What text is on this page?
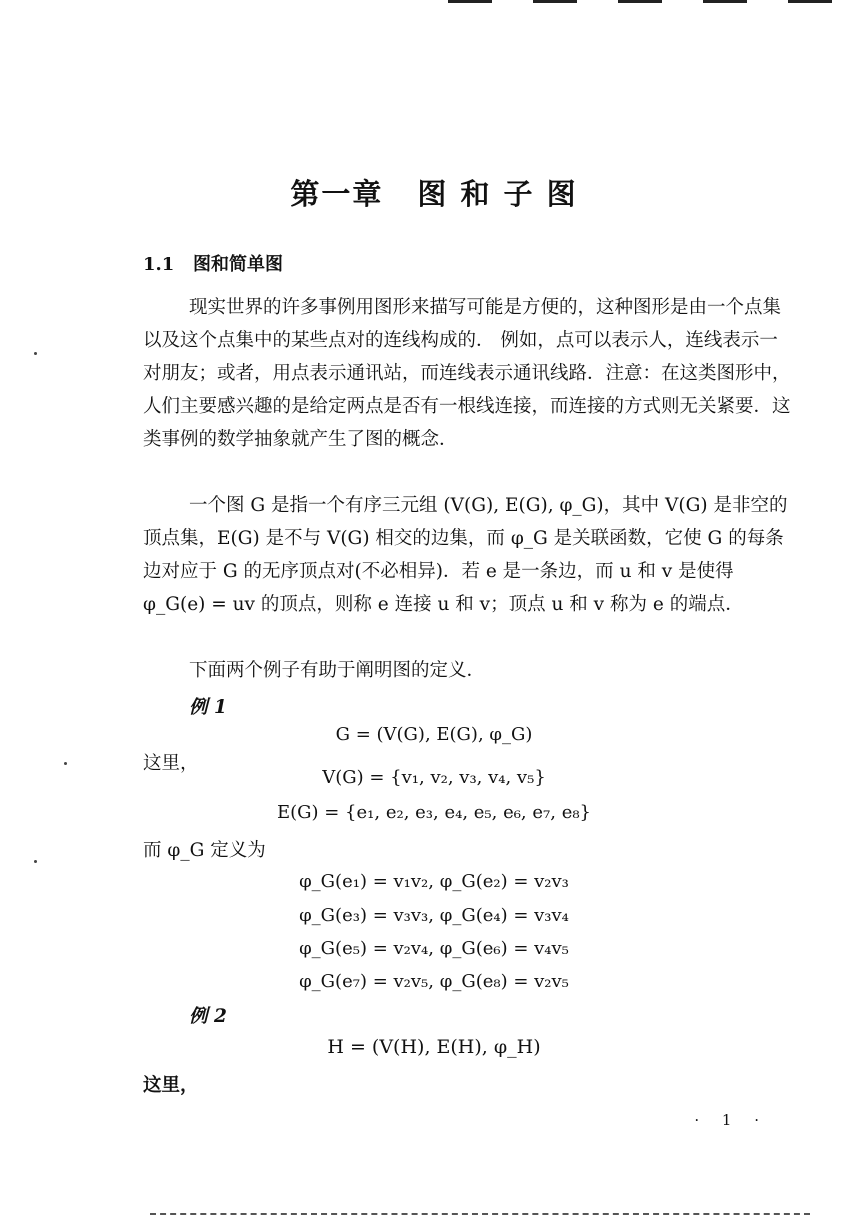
第一章 图 和 子 图
1.1 图和简单图

现实世界的许多事例用图形来描写可能是方便的，这种图形是由一个点集以及这个点集中的某些点对的连线构成的． 例如，点可以表示人，连线表示一对朋友；或者，用点表示通讯站，而连线表示通讯线路．注意：在这类图形中，人们主要感兴趣的是给定两点是否有一根线连接，而连接的方式则无关紧要．这类事例的数学抽象就产生了图的概念．

一个图 G 是指一个有序三元组 (V(G), E(G), φ_G)，其中 V(G) 是非空的顶点集，E(G) 是不与 V(G) 相交的边集，而 φ_G 是关联函数，它使 G 的每条边对应于 G 的无序顶点对(不必相异)．若 e 是一条边，而 u 和 v 是使得 φ_G(e) = uv 的顶点，则称 e 连接 u 和 v；顶点 u 和 v 称为 e 的端点．

下面两个例子有助于阐明图的定义．

例 1
G = (V(G), E(G), φ_G)
这里，
V(G) = {v₁, v₂, v₃, v₄, v₅}
E(G) = {e₁, e₂, e₃, e₄, e₅, e₆, e₇, e₈}
而 φ_G 定义为
φ_G(e₁) = v₁v₂, φ_G(e₂) = v₂v₃
φ_G(e₃) = v₃v₃, φ_G(e₄) = v₃v₄
φ_G(e₅) = v₂v₄, φ_G(e₆) = v₄v₅
φ_G(e₇) = v₂v₅, φ_G(e₈) = v₂v₅
例 2
H = (V(H), E(H), φ_H)
这里，
· 1 ·
